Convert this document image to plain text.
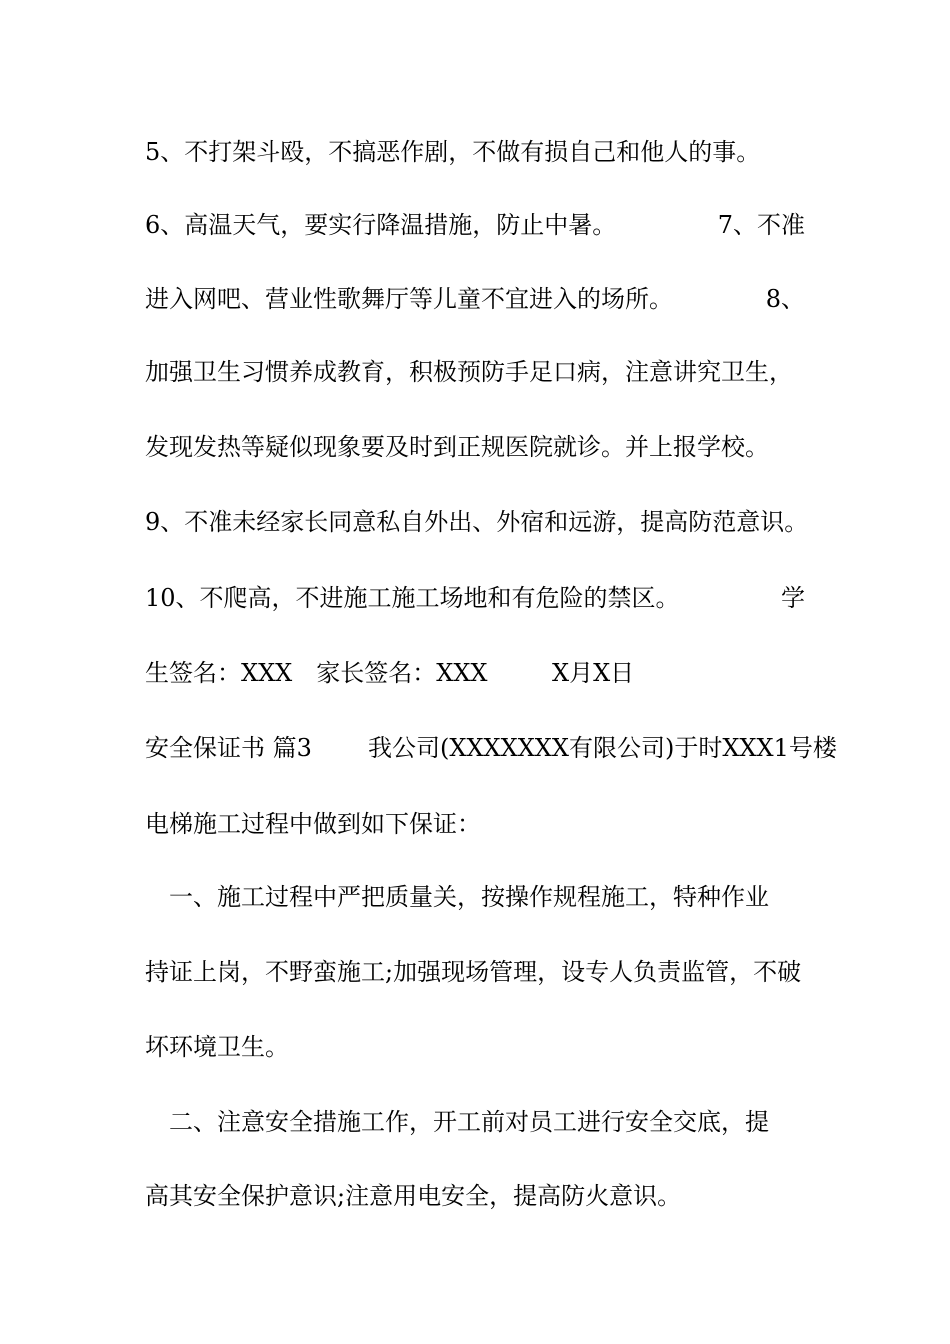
5、不打架斗殴，不搞恶作剧，不做有损自己和他人的事。
6、高温天气，要实行降温措施，防止中暑。	7、不准
进入网吧、营业性歌舞厅等儿童不宜进入的场所。	8、
加强卫生习惯养成教育，积极预防手足口病，注意讲究卫生，
发现发热等疑似现象要及时到正规医院就诊。并上报学校。
9、不准未经家长同意私自外出、外宿和远游，提高防范意识。
10、不爬高，不进施工施工场地和有危险的禁区。	学
生签名：XXX　家长签名：XXX	X月X日
安全保证书 篇3 我公司(XXXXXXX有限公司)于时XXX1号楼
电梯施工过程中做到如下保证：
　一、施工过程中严把质量关，按操作规程施工，特种作业
持证上岗，不野蛮施工;加强现场管理，设专人负责监管，不破
坏环境卫生。
　二、注意安全措施工作，开工前对员工进行安全交底，提
高其安全保护意识;注意用电安全，提高防火意识。
